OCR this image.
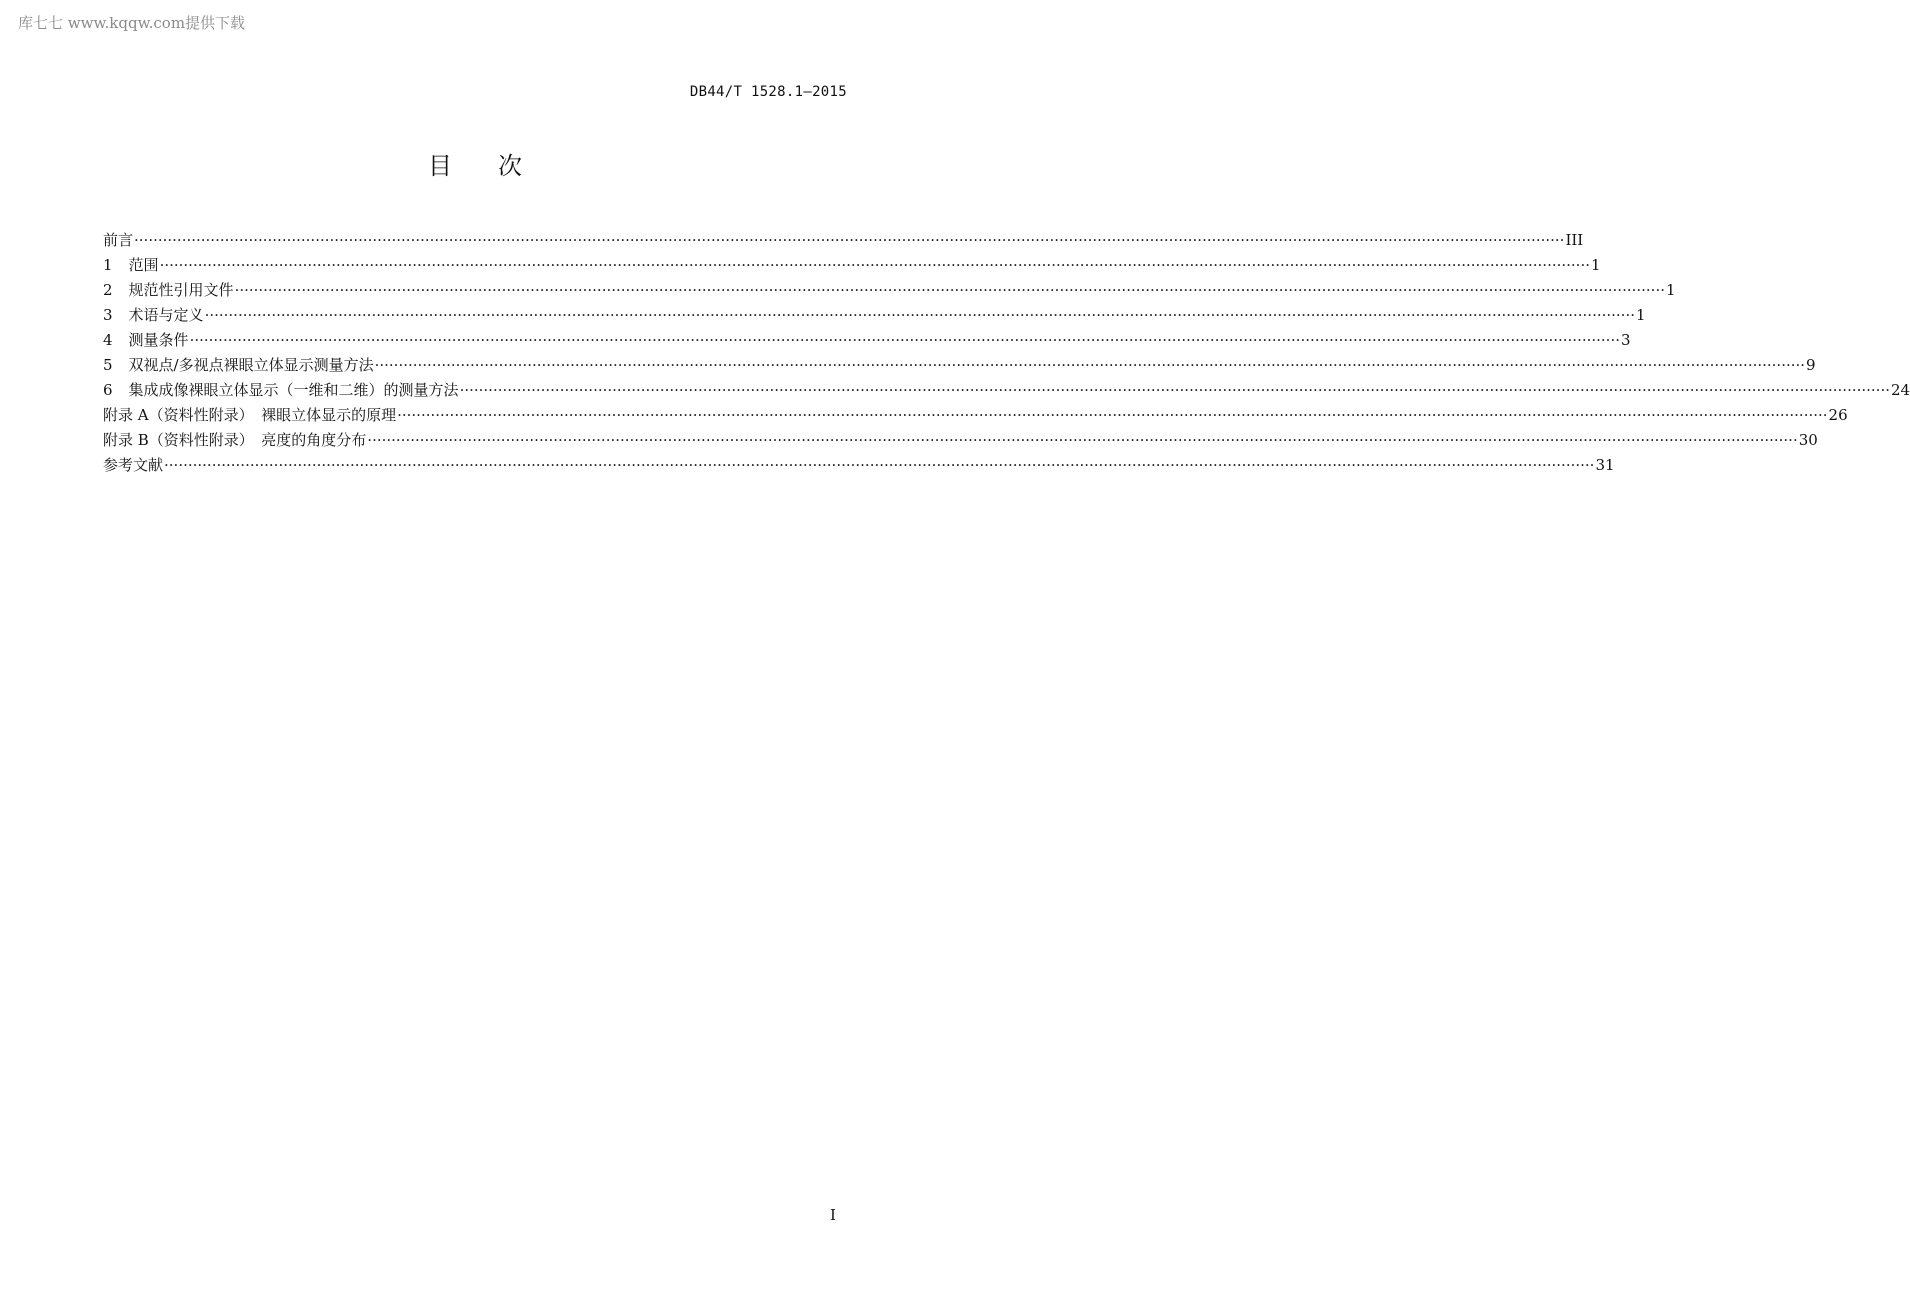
库七七 www.kqqw.com提供下载
DB44/T 1528.1—2015
目次
前言 ············································································································································································································································································································ III
1 范围 ············································································································································································································································································································ 1
2 规范性引用文件 ············································································································································································································································································································ 1
3 术语与定义 ············································································································································································································································································································ 1
4 测量条件 ············································································································································································································································································································ 3
5 双视点/多视点裸眼立体显示测量方法 ············································································································································································································································································································ 9
6 集成成像裸眼立体显示（一维和二维）的测量方法 ············································································································································································································································································································ 24
附录 A（资料性附录）　裸眼立体显示的原理 ············································································································································································································································································································ 26
附录 B（资料性附录）　亮度的角度分布 ············································································································································································································································································································ 30
参考文献 ············································································································································································································································································································ 31
I
